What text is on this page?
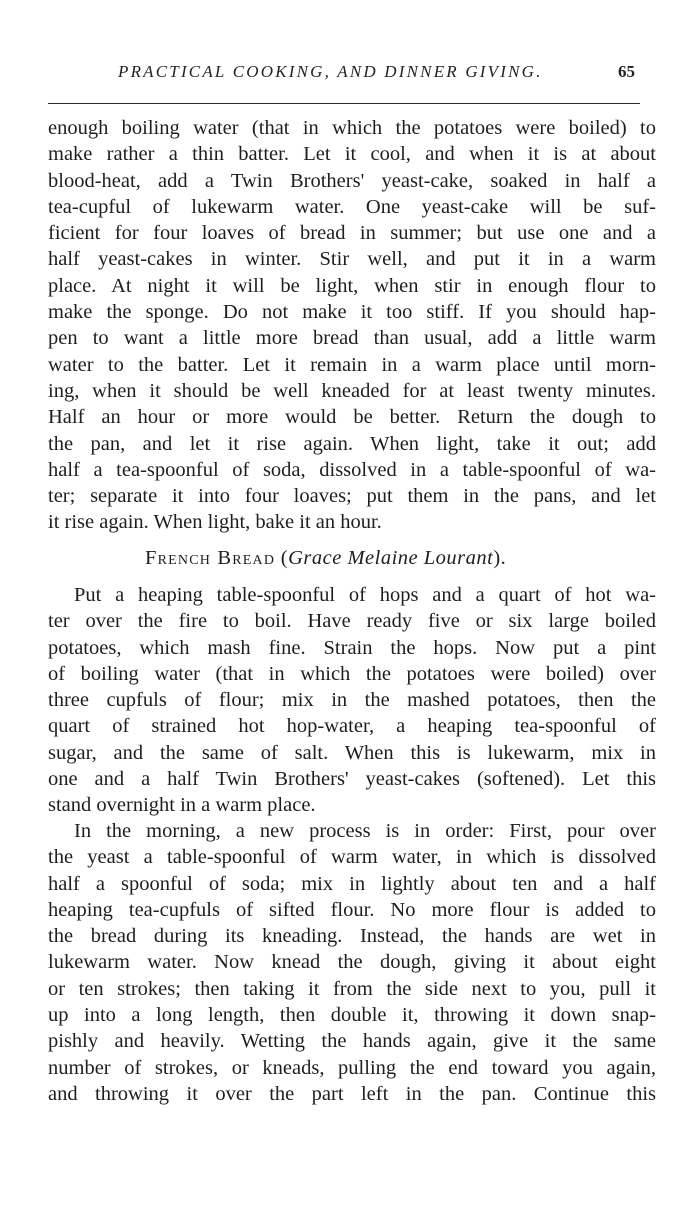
PRACTICAL COOKING, AND DINNER GIVING.	65
enough boiling water (that in which the potatoes were boiled) to
make rather a thin batter. Let it cool, and when it is at about
blood-heat, add a Twin Brothers' yeast-cake, soaked in half a
tea-cupful of lukewarm water. One yeast-cake will be suf-
ficient for four loaves of bread in summer; but use one and a
half yeast-cakes in winter. Stir well, and put it in a warm
place. At night it will be light, when stir in enough flour to
make the sponge. Do not make it too stiff. If you should hap-
pen to want a little more bread than usual, add a little warm
water to the batter. Let it remain in a warm place until morn-
ing, when it should be well kneaded for at least twenty minutes.
Half an hour or more would be better. Return the dough to
the pan, and let it rise again. When light, take it out; add
half a tea-spoonful of soda, dissolved in a table-spoonful of wa-
ter; separate it into four loaves; put them in the pans, and let
it rise again. When light, bake it an hour.
French Bread (Grace Melaine Lourant).
Put a heaping table-spoonful of hops and a quart of hot wa-
ter over the fire to boil. Have ready five or six large boiled
potatoes, which mash fine. Strain the hops. Now put a pint
of boiling water (that in which the potatoes were boiled) over
three cupfuls of flour; mix in the mashed potatoes, then the
quart of strained hot hop-water, a heaping tea-spoonful of
sugar, and the same of salt. When this is lukewarm, mix in
one and a half Twin Brothers' yeast-cakes (softened). Let this
stand overnight in a warm place.
In the morning, a new process is in order: First, pour over
the yeast a table-spoonful of warm water, in which is dissolved
half a spoonful of soda; mix in lightly about ten and a half
heaping tea-cupfuls of sifted flour. No more flour is added to
the bread during its kneading. Instead, the hands are wet in
lukewarm water. Now knead the dough, giving it about eight
or ten strokes; then taking it from the side next to you, pull it
up into a long length, then double it, throwing it down snap-
pishly and heavily. Wetting the hands again, give it the same
number of strokes, or kneads, pulling the end toward you again,
and throwing it over the part left in the pan. Continue this
